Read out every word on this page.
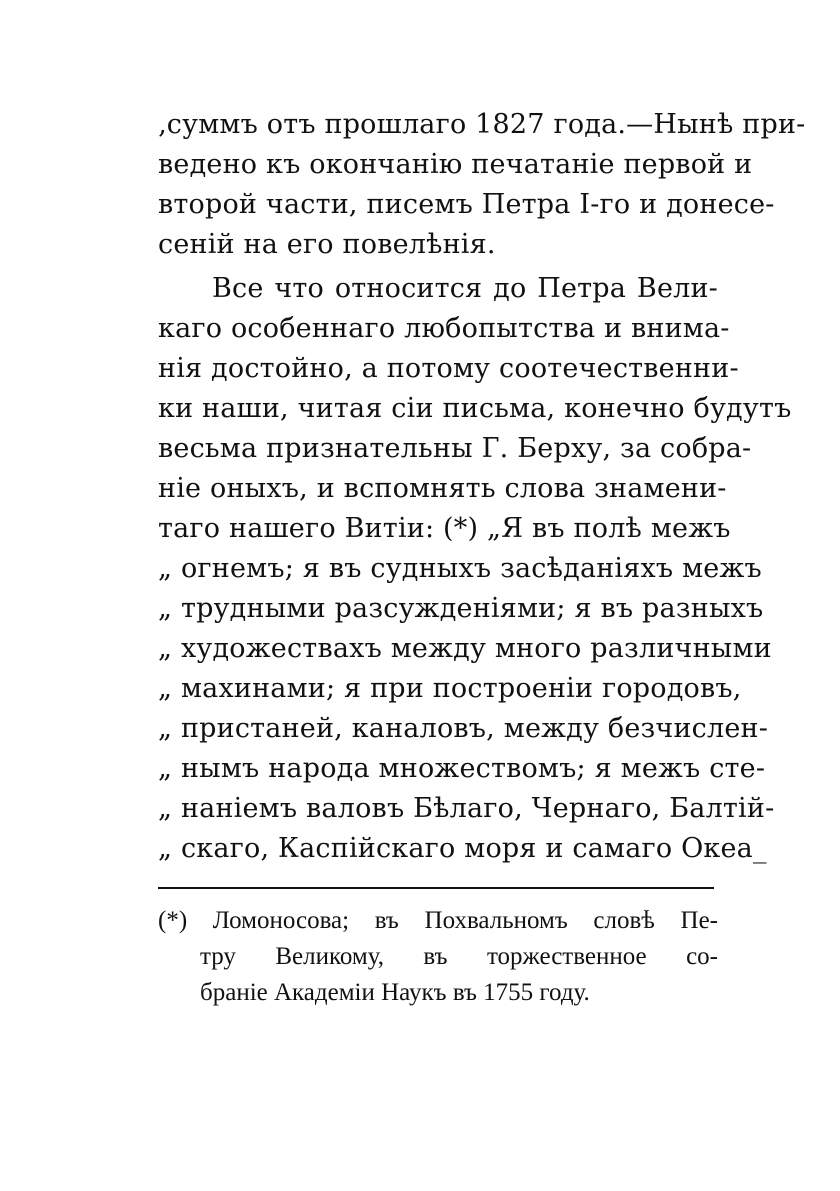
‚суммъ отъ прошлаго 1827 года.—Нынѣ при-
ведено къ окончанію печатаніе первой и
второй части, писемъ Петра І-го и донесе-
сеній на его повелѣнія.
Все что относится до Петра Вели-
каго особеннаго любопытства и внима-
нія достойно, а потому соотечественни-
ки наши, читая сіи письма, конечно будутъ
весьма признательны Г. Берху, за собра-
ніе оныхъ, и вспомнять слова знамени-
таго нашего Витіи: (*) „Я въ полѣ межъ
„ огнемъ; я въ судныхъ засѣданіяхъ межъ
„ трудными разсужденіями; я въ разныхъ
„ художествахъ между много различными
„ махинами; я при построеніи городовъ,
„ пристаней, каналовъ, между безчислен-
„ нымъ народа множествомъ; я межъ сте-
„ наніемъ валовъ Бѣлаго, Чернаго, Балтій-
„ скаго, Каспійскаго моря и самаго Океа_
(*) Ломоносова; въ Похвальномъ словѣ Пе-
тру Великому, въ торжественное со-
браніе Академіи Наукъ въ 1755 году.
